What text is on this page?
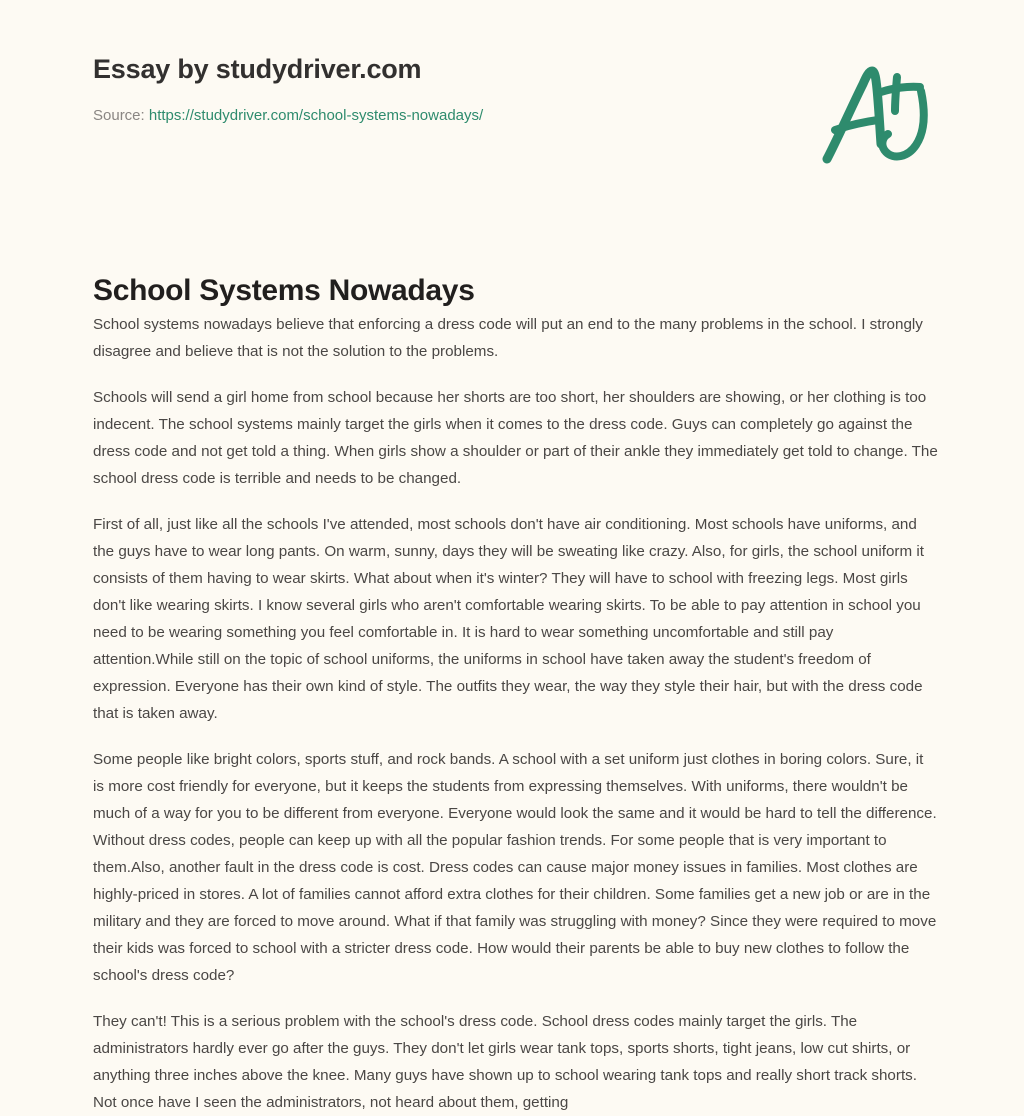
Essay by studydriver.com
Source: https://studydriver.com/school-systems-nowadays/
School Systems Nowadays

School systems nowadays believe that enforcing a dress code will put an end to the many problems in the school. I strongly disagree and believe that is not the solution to the problems.

Schools will send a girl home from school because her shorts are too short, her shoulders are showing, or her clothing is too indecent. The school systems mainly target the girls when it comes to the dress code. Guys can completely go against the dress code and not get told a thing. When girls show a shoulder or part of their ankle they immediately get told to change. The school dress code is terrible and needs to be changed.

First of all, just like all the schools I've attended, most schools don't have air conditioning. Most schools have uniforms, and the guys have to wear long pants. On warm, sunny, days they will be sweating like crazy. Also, for girls, the school uniform it consists of them having to wear skirts. What about when it's winter? They will have to school with freezing legs. Most girls don't like wearing skirts. I know several girls who aren't comfortable wearing skirts. To be able to pay attention in school you need to be wearing something you feel comfortable in. It is hard to wear something uncomfortable and still pay attention.While still on the topic of school uniforms, the uniforms in school have taken away the student's freedom of expression. Everyone has their own kind of style. The outfits they wear, the way they style their hair, but with the dress code that is taken away.

Some people like bright colors, sports stuff, and rock bands. A school with a set uniform just clothes in boring colors. Sure, it is more cost friendly for everyone, but it keeps the students from expressing themselves. With uniforms, there wouldn't be much of a way for you to be different from everyone. Everyone would look the same and it would be hard to tell the difference. Without dress codes, people can keep up with all the popular fashion trends. For some people that is very important to them.Also, another fault in the dress code is cost. Dress codes can cause major money issues in families. Most clothes are highly-priced in stores. A lot of families cannot afford extra clothes for their children. Some families get a new job or are in the military and they are forced to move around. What if that family was struggling with money? Since they were required to move their kids was forced to school with a stricter dress code. How would their parents be able to buy new clothes to follow the school's dress code?

They can't! This is a serious problem with the school's dress code. School dress codes mainly target the girls. The administrators hardly ever go after the guys. They don't let girls wear tank tops, sports shorts, tight jeans, low cut shirts, or anything three inches above the knee. Many guys have shown up to school wearing tank tops and really short track shorts. Not once have I seen the administrators, not heard about them, getting
